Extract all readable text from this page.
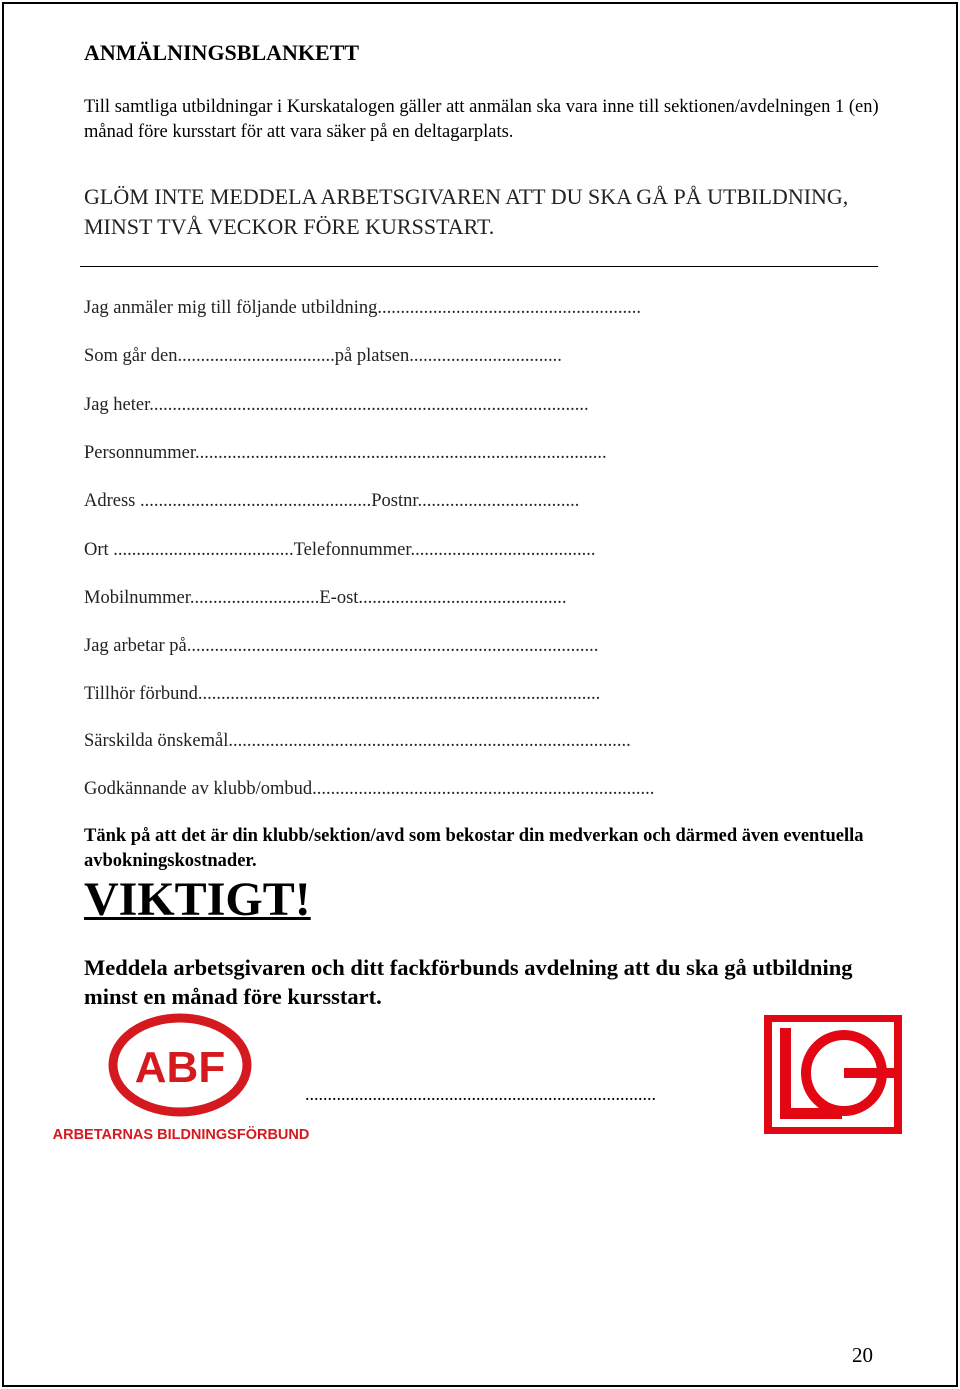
ANMÄLNINGSBLANKETT
Till samtliga utbildningar i Kurskatalogen gäller att anmälan ska vara inne till sektionen/avdelningen 1 (en) månad före kursstart för att vara säker på en deltagarplats.
GLÖM INTE MEDDELA ARBETSGIVAREN ATT DU SKA GÅ PÅ UTBILDNING, MINST TVÅ VECKOR FÖRE KURSSTART.
Jag anmäler mig till följande utbildning.........................................................
Som går den..................................på platsen.................................
Jag heter...............................................................................................
Personnummer.........................................................................................
Adress ..................................................Postnr...................................
Ort .......................................Telefonnummer........................................
Mobilnummer............................E-ost.............................................
Jag arbetar på.........................................................................................
Tillhör förbund.......................................................................................
Särskilda önskemål.......................................................................................
Godkännande av klubb/ombud..........................................................................
Tänk på att det är din klubb/sektion/avd som bekostar din medverkan och därmed även eventuella avbokningskostnader.
VIKTIGT!
Meddela arbetsgivaren och ditt fackförbunds avdelning att du ska gå utbildning minst en månad före kursstart.
ABF
ARBETARNAS BILDNINGSFÖRBUND
..............................................................................
20
